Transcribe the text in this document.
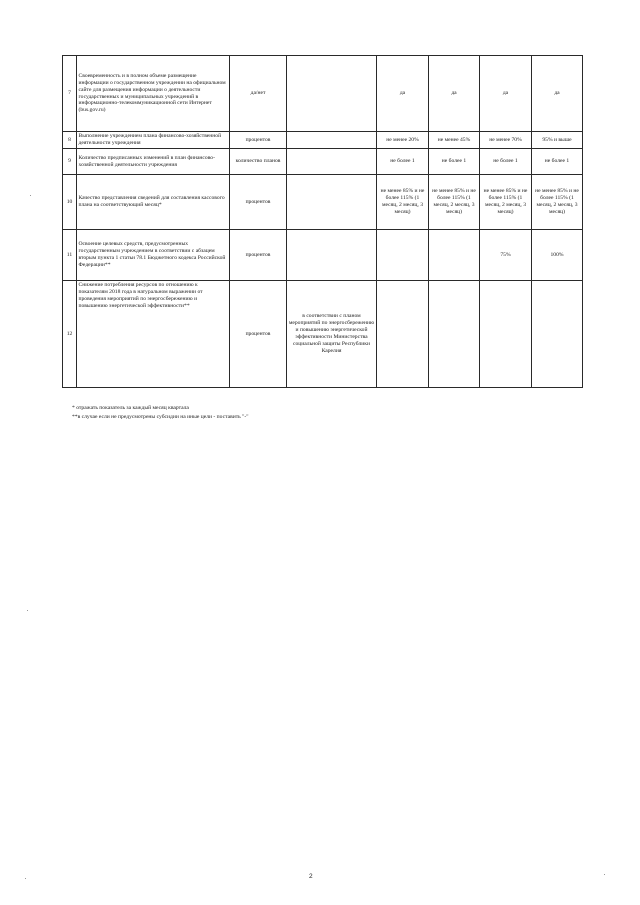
7	Своевременность и в полном объеме размещение информации о государственном учреждении на официальном сайте для размещения информации о деятельности государственных и муниципальных учреждений в информационно-телекоммуникационной сети Интернет (bus.gov.ru)	да/нет		да	да	да	да
8	Выполнение учреждением плана финансово-хозяйственной деятельности учреждения	процентов		не менее 20%	не менее 45%	не менее 70%	95% и выше
9	Количество предписанных изменений в план финансово-хозяйственной деятельности учреждения	количество планов		не более 1	не более 1	не более 1	не более 1
10	Качество представления сведений для составления кассового плана на соответствующий месяц*	процентов		не менее 85% и не более 115% (1 месяц, 2 месяц, 3 месяц)	не менее 85% и не более 115% (1 месяц, 2 месяц, 3 месяц)	не менее 85% и не более 115% (1 месяц, 2 месяц, 3 месяц)	не менее 85% и не более 115% (1 месяц, 2 месяц, 3 месяц)
11	Освоение целевых средств, предусмотренных государственным учреждением в соответствии с абзацем вторым пункта 1 статьи 78.1 Бюджетного кодекса Российской Федерации**	процентов				75%	100%
12	Снижение потребления ресурсов по отношению к показателям 2018 года в натуральном выражении от проведения мероприятий по энергосбережению и повышению энергетической эффективности**	процентов	в соответствии с планом мероприятий по энергосбережению и повышению энергетической эффективности Министерства социальной защиты Республики Карелия				
* отражать показатель за каждый месяц квартала
**в случае если не предусмотрены субсидии на иные цели - поставить "-"
2
